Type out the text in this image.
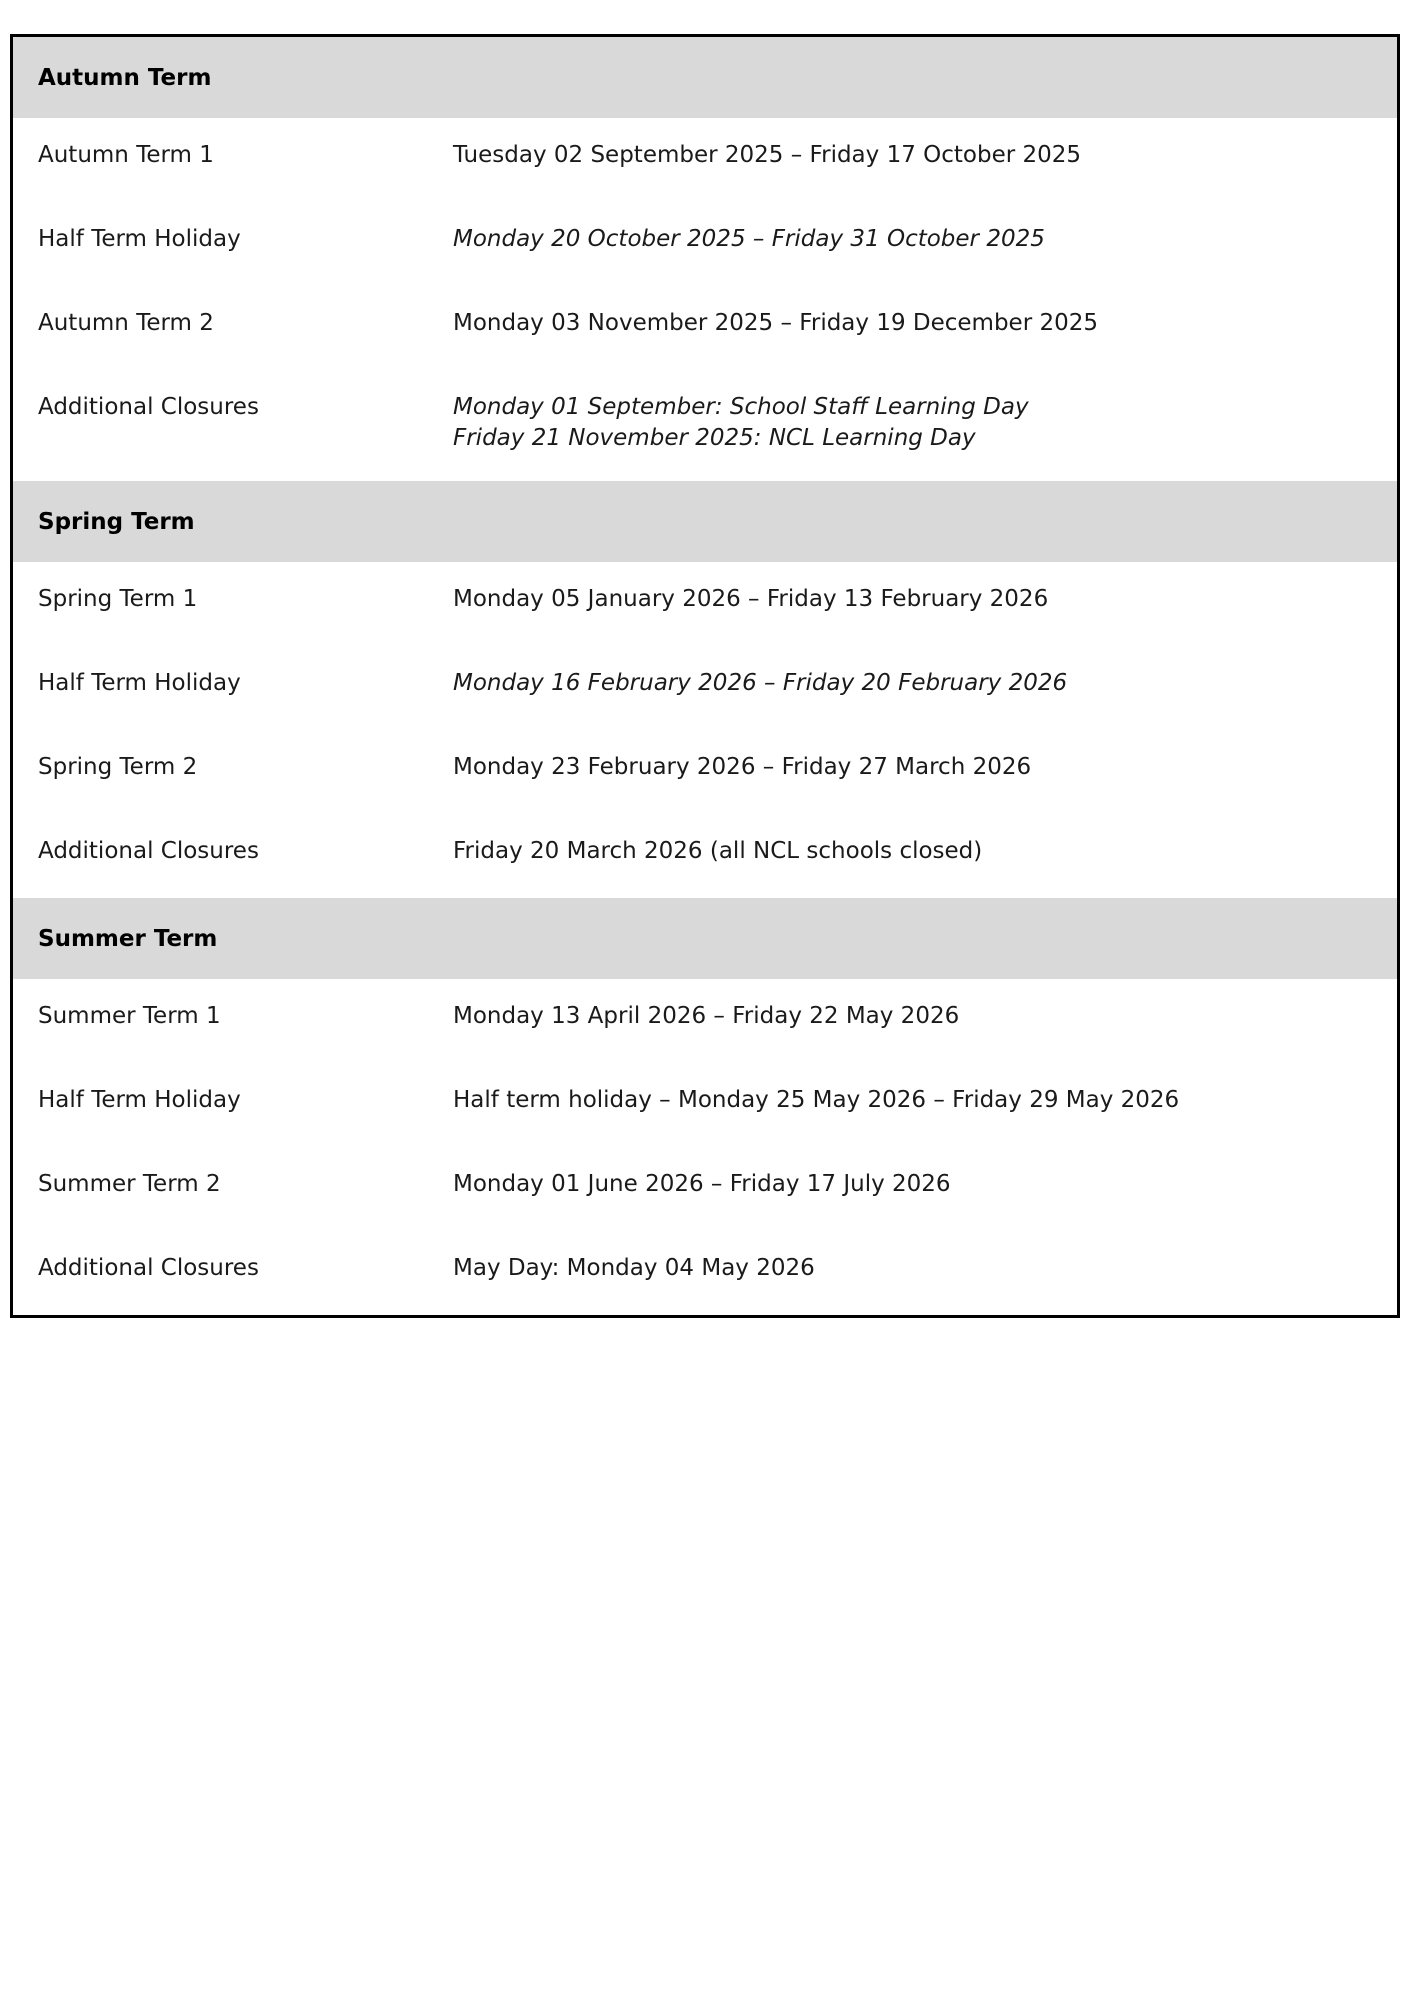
Autumn Term
Autumn Term 1	Tuesday 02 September 2025 – Friday 17 October 2025
Half Term Holiday	Monday 20 October 2025 – Friday 31 October 2025
Autumn Term 2	Monday 03 November 2025 – Friday 19 December 2025
Additional Closures	Monday 01 September: School Staff Learning Day
Friday 21 November 2025: NCL Learning Day
Spring Term
Spring Term 1	Monday 05 January 2026 – Friday 13 February 2026
Half Term Holiday	Monday 16 February 2026 – Friday 20 February 2026
Spring Term 2	Monday 23 February 2026 – Friday 27 March 2026
Additional Closures	Friday 20 March 2026 (all NCL schools closed)
Summer Term
Summer Term 1	Monday 13 April 2026 – Friday 22 May 2026
Half Term Holiday	Half term holiday – Monday 25 May 2026 – Friday 29 May 2026
Summer Term 2	Monday 01 June 2026 – Friday 17 July 2026
Additional Closures	May Day: Monday 04 May 2026
